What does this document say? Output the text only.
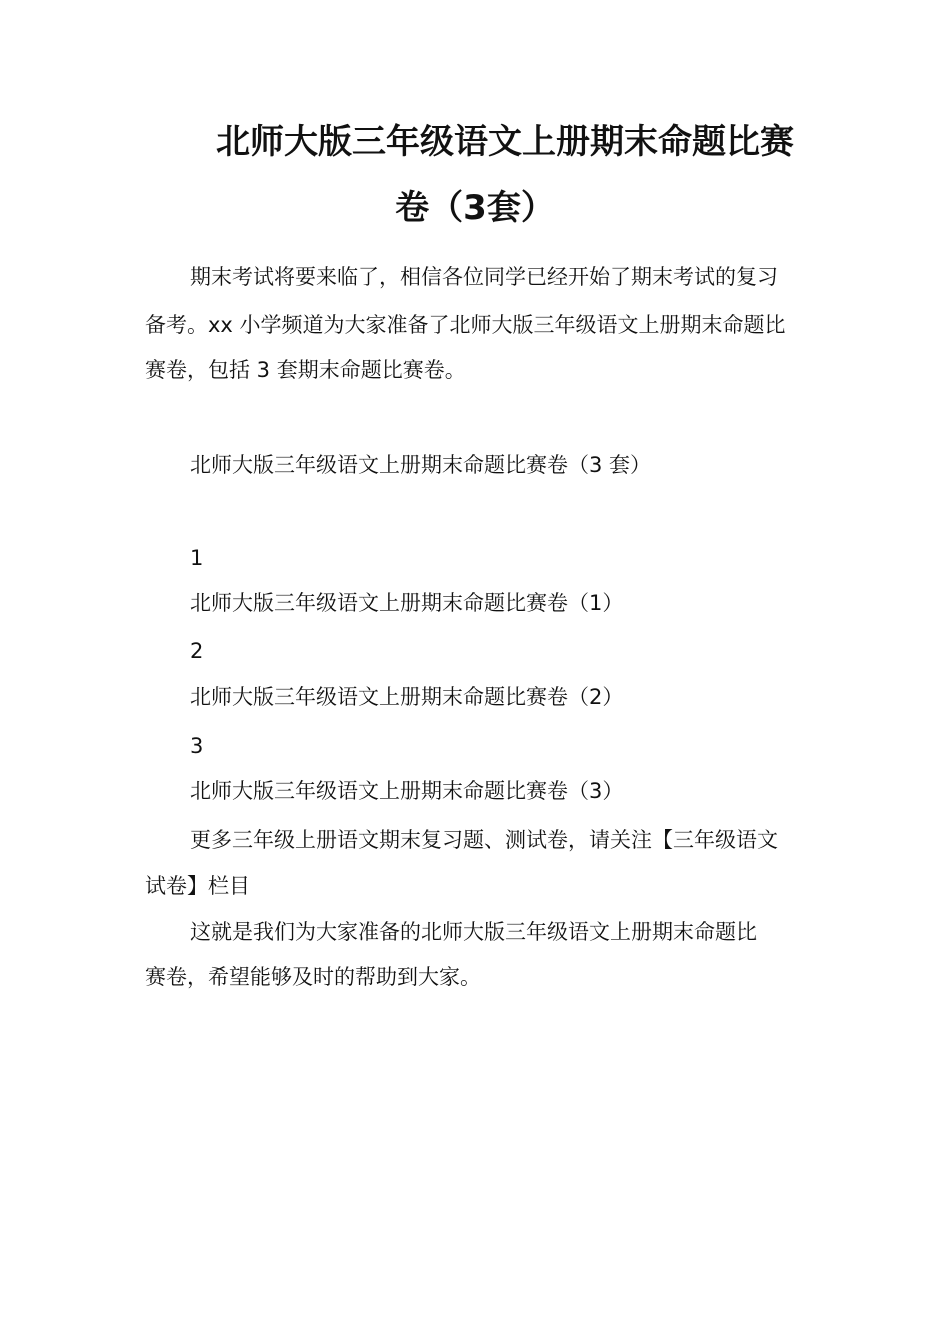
北师大版三年级语文上册期末命题比赛
卷（3套）
期末考试将要来临了，相信各位同学已经开始了期末考试的复习
备考。xx 小学频道为大家准备了北师大版三年级语文上册期末命题比
赛卷，包括 3 套期末命题比赛卷。
北师大版三年级语文上册期末命题比赛卷（3 套）
1
北师大版三年级语文上册期末命题比赛卷（1）
2
北师大版三年级语文上册期末命题比赛卷（2）
3
北师大版三年级语文上册期末命题比赛卷（3）
更多三年级上册语文期末复习题、测试卷，请关注【三年级语文
试卷】栏目
这就是我们为大家准备的北师大版三年级语文上册期末命题比
赛卷，希望能够及时的帮助到大家。
